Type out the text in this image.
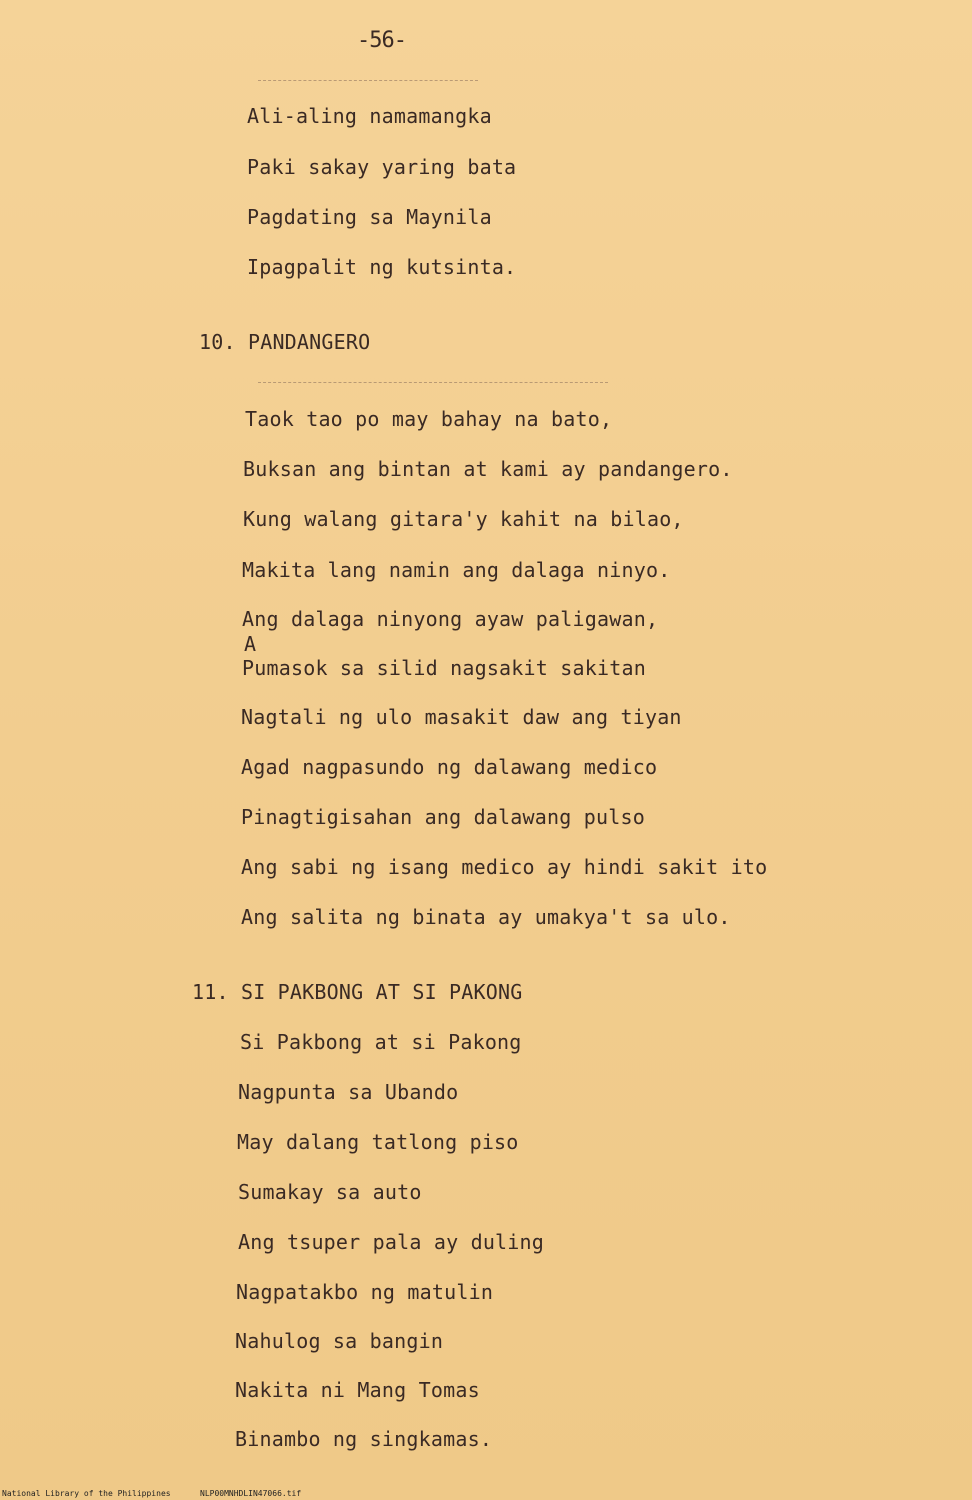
-56-
Ali-aling namamangka
Paki sakay yaring bata
Pagdating sa Maynila
Ipagpalit ng kutsinta.
10. PANDANGERO
Taok tao po may bahay na bato,
Buksan ang bintan at kami ay pandangero.
Kung walang gitara'y kahit na bilao,
Makita lang namin ang dalaga ninyo.
Ang dalaga ninyong ayaw paligawan,
A
Pumasok sa silid nagsakit sakitan
Nagtali ng ulo masakit daw ang tiyan
Agad nagpasundo ng dalawang medico
Pinagtigisahan ang dalawang pulso
Ang sabi ng isang medico ay hindi sakit ito
Ang salita ng binata ay umakya't sa ulo.
11. SI PAKBONG AT SI PAKONG
Si Pakbong at si Pakong
Nagpunta sa Ubando
May dalang tatlong piso
Sumakay sa auto
Ang tsuper pala ay duling
Nagpatakbo ng matulin
Nahulog sa bangin
Nakita ni Mang Tomas
Binambo ng singkamas.
National Library of the Philippines	NLP00MNHDLIN47066.tif
